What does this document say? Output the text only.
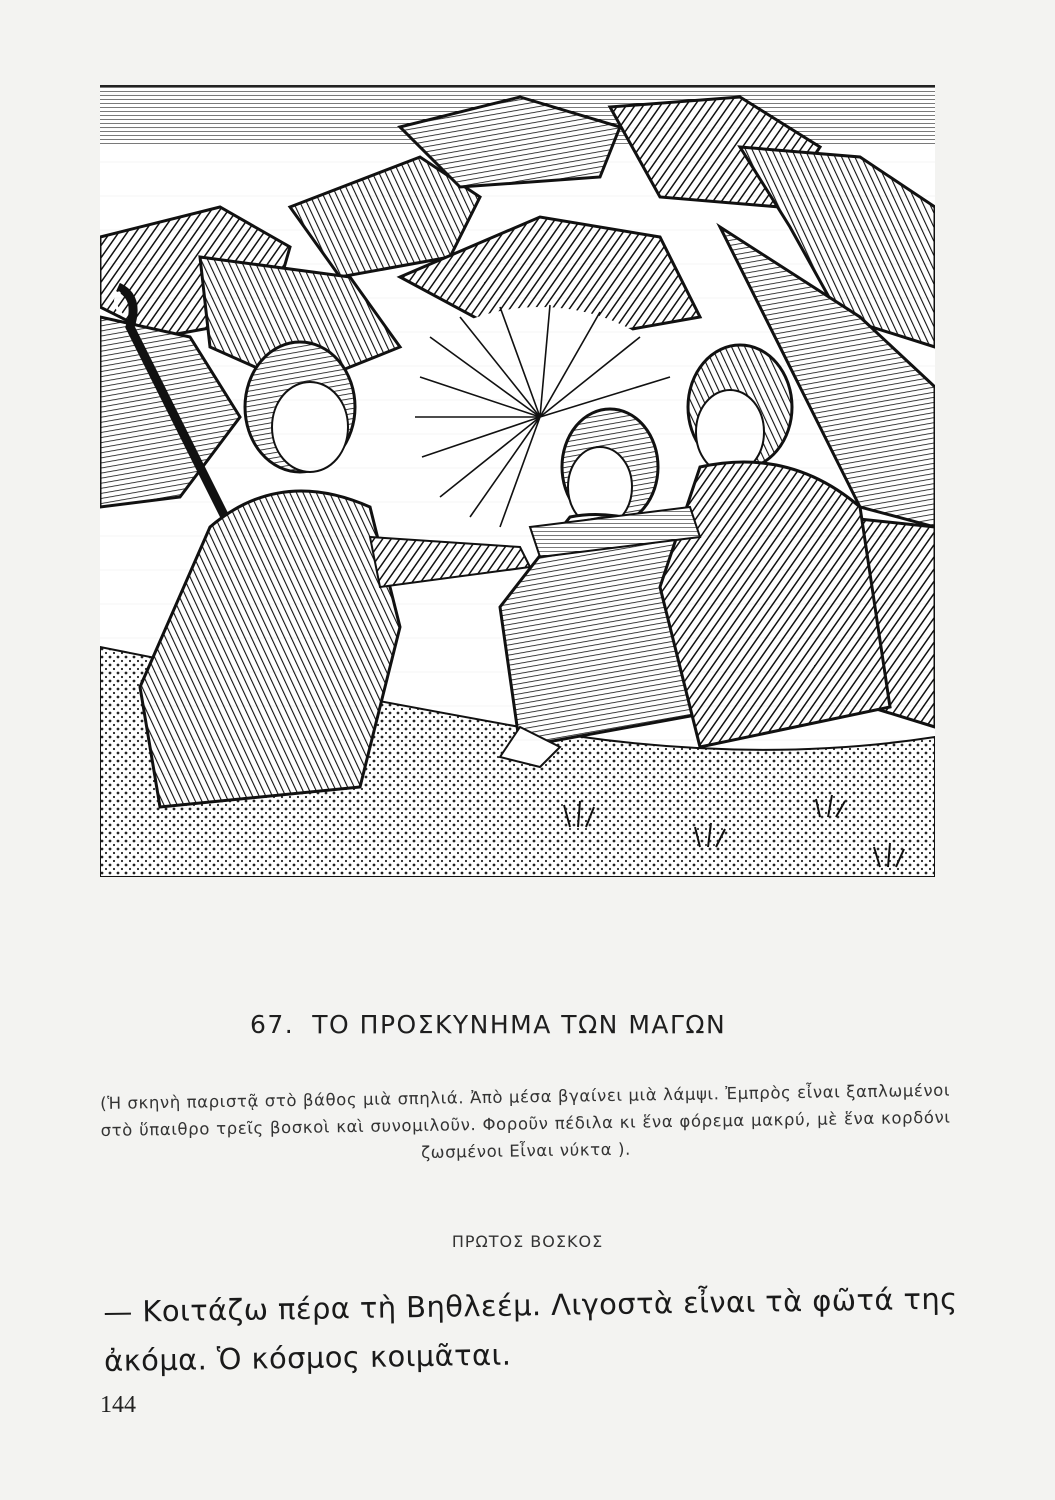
67. ΤΟ ΠΡΟΣΚΥΝΗΜΑ ΤΩΝ ΜΑΓΩΝ
(Ἡ σκηνὴ παριστᾷ στὸ βάθος μιὰ σπηλιά. Ἀπὸ μέσα βγαίνει μιὰ λάμψι. Ἐμπρὸς εἶναι ξαπλωμένοι στὸ ὕπαιθρο τρεῖς βοσκοὶ καὶ συνομιλοῦν. Φοροῦν πέδιλα κι ἕνα φόρεμα μακρύ, μὲ ἕνα κορδόνι ζωσμένοι Εἶναι νύκτα ).
ΠΡΩΤΟΣ ΒΟΣΚΟΣ
— Κοιτάζω πέρα τὴ Βηθλεέμ. Λιγοστὰ εἶναι τὰ φῶτά της ἀκόμα. Ὁ κόσμος κοιμᾶται.
144
